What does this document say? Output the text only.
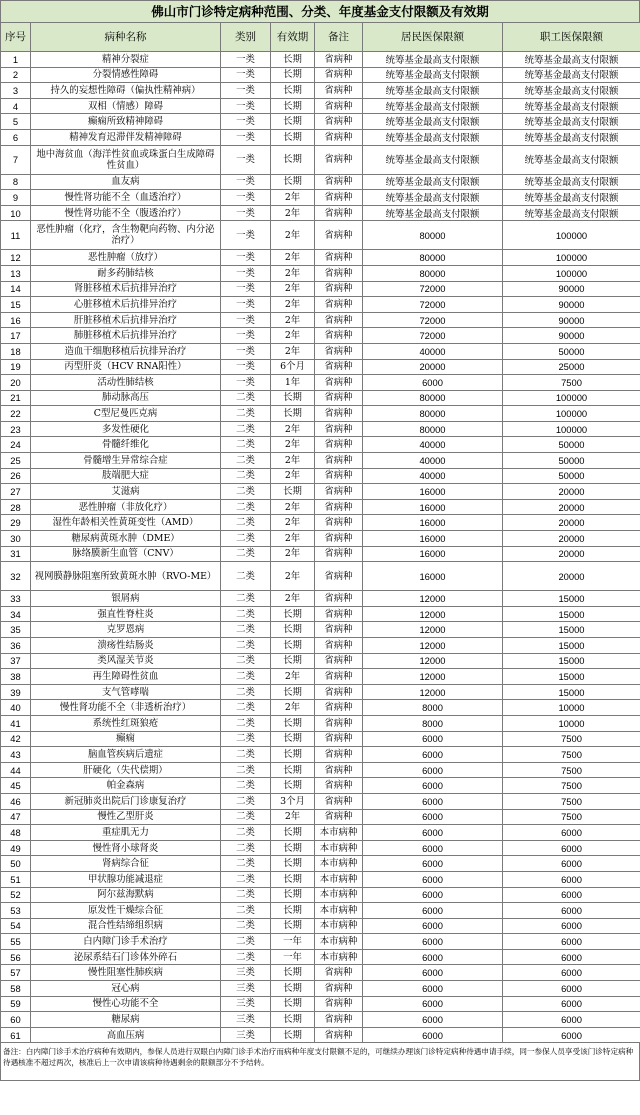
佛山市门诊特定病种范围、分类、年度基金支付限额及有效期
序号	病种名称	类别	有效期	备注	居民医保限额	职工医保限额
1	精神分裂症	一类	长期	省病种	统筹基金最高支付限额	统筹基金最高支付限额
2	分裂情感性障碍	一类	长期	省病种	统筹基金最高支付限额	统筹基金最高支付限额
3	持久的妄想性障碍（偏执性精神病）	一类	长期	省病种	统筹基金最高支付限额	统筹基金最高支付限额
4	双相（情感）障碍	一类	长期	省病种	统筹基金最高支付限额	统筹基金最高支付限额
5	癫痫所致精神障碍	一类	长期	省病种	统筹基金最高支付限额	统筹基金最高支付限额
6	精神发育迟滞伴发精神障碍	一类	长期	省病种	统筹基金最高支付限额	统筹基金最高支付限额
7	地中海贫血（海洋性贫血或珠蛋白生成障碍性贫血）	一类	长期	省病种	统筹基金最高支付限额	统筹基金最高支付限额
8	血友病	一类	长期	省病种	统筹基金最高支付限额	统筹基金最高支付限额
9	慢性肾功能不全（血透治疗）	一类	2年	省病种	统筹基金最高支付限额	统筹基金最高支付限额
10	慢性肾功能不全（腹透治疗）	一类	2年	省病种	统筹基金最高支付限额	统筹基金最高支付限额
11	恶性肿瘤（化疗，含生物靶向药物、内分泌治疗）	一类	2年	省病种	80000	100000
12	恶性肿瘤（放疗）	一类	2年	省病种	80000	100000
13	耐多药肺结核	一类	2年	省病种	80000	100000
14	肾脏移植术后抗排异治疗	一类	2年	省病种	72000	90000
15	心脏移植术后抗排异治疗	一类	2年	省病种	72000	90000
16	肝脏移植术后抗排异治疗	一类	2年	省病种	72000	90000
17	肺脏移植术后抗排异治疗	一类	2年	省病种	72000	90000
18	造血干细胞移植后抗排异治疗	一类	2年	省病种	40000	50000
19	丙型肝炎（HCV RNA阳性）	一类	6个月	省病种	20000	25000
20	活动性肺结核	一类	1年	省病种	6000	7500
21	肺动脉高压	二类	长期	省病种	80000	100000
22	C型尼曼匹克病	二类	长期	省病种	80000	100000
23	多发性硬化	二类	2年	省病种	80000	100000
24	骨髓纤维化	二类	2年	省病种	40000	50000
25	骨髓增生异常综合症	二类	2年	省病种	40000	50000
26	肢端肥大症	二类	2年	省病种	40000	50000
27	艾滋病	二类	长期	省病种	16000	20000
28	恶性肿瘤（非放化疗）	二类	2年	省病种	16000	20000
29	湿性年龄相关性黄斑变性（AMD）	二类	2年	省病种	16000	20000
30	糖尿病黄斑水肿（DME）	二类	2年	省病种	16000	20000
31	脉络膜新生血管（CNV）	二类	2年	省病种	16000	20000
32	视网膜静脉阻塞所致黄斑水肿（RVO-ME）	二类	2年	省病种	16000	20000
33	银屑病	二类	2年	省病种	12000	15000
34	强直性脊柱炎	二类	长期	省病种	12000	15000
35	克罗恩病	二类	长期	省病种	12000	15000
36	溃疡性结肠炎	二类	长期	省病种	12000	15000
37	类风湿关节炎	二类	长期	省病种	12000	15000
38	再生障碍性贫血	二类	2年	省病种	12000	15000
39	支气管哮喘	二类	长期	省病种	12000	15000
40	慢性肾功能不全（非透析治疗）	二类	2年	省病种	8000	10000
41	系统性红斑狼疮	二类	长期	省病种	8000	10000
42	癫痫	二类	长期	省病种	6000	7500
43	脑血管疾病后遗症	二类	长期	省病种	6000	7500
44	肝硬化（失代偿期）	二类	长期	省病种	6000	7500
45	帕金森病	二类	长期	省病种	6000	7500
46	新冠肺炎出院后门诊康复治疗	二类	3个月	省病种	6000	7500
47	慢性乙型肝炎	二类	2年	省病种	6000	7500
48	重症肌无力	二类	长期	本市病种	6000	6000
49	慢性肾小球肾炎	二类	长期	本市病种	6000	6000
50	肾病综合征	二类	长期	本市病种	6000	6000
51	甲状腺功能减退症	二类	长期	本市病种	6000	6000
52	阿尔兹海默病	二类	长期	本市病种	6000	6000
53	原发性干燥综合征	二类	长期	本市病种	6000	6000
54	混合性结缔组织病	二类	长期	本市病种	6000	6000
55	白内障门诊手术治疗	二类	一年	本市病种	6000	6000
56	泌尿系结石门诊体外碎石	二类	一年	本市病种	6000	6000
57	慢性阻塞性肺疾病	三类	长期	省病种	6000	6000
58	冠心病	三类	长期	省病种	6000	6000
59	慢性心功能不全	三类	长期	省病种	6000	6000
60	糖尿病	三类	长期	省病种	6000	6000
61	高血压病	三类	长期	省病种	6000	6000
备注：白内障门诊手术治疗病种有效期内，参保人员进行双眼白内障门诊手术治疗而病种年度支付限额不足的，可继续办理该门诊特定病种待遇申请手续，同一参保人员享受该门诊特定病种待遇核准不超过两次，核准后上一次申请该病种待遇剩余的限额部分不予结转。
